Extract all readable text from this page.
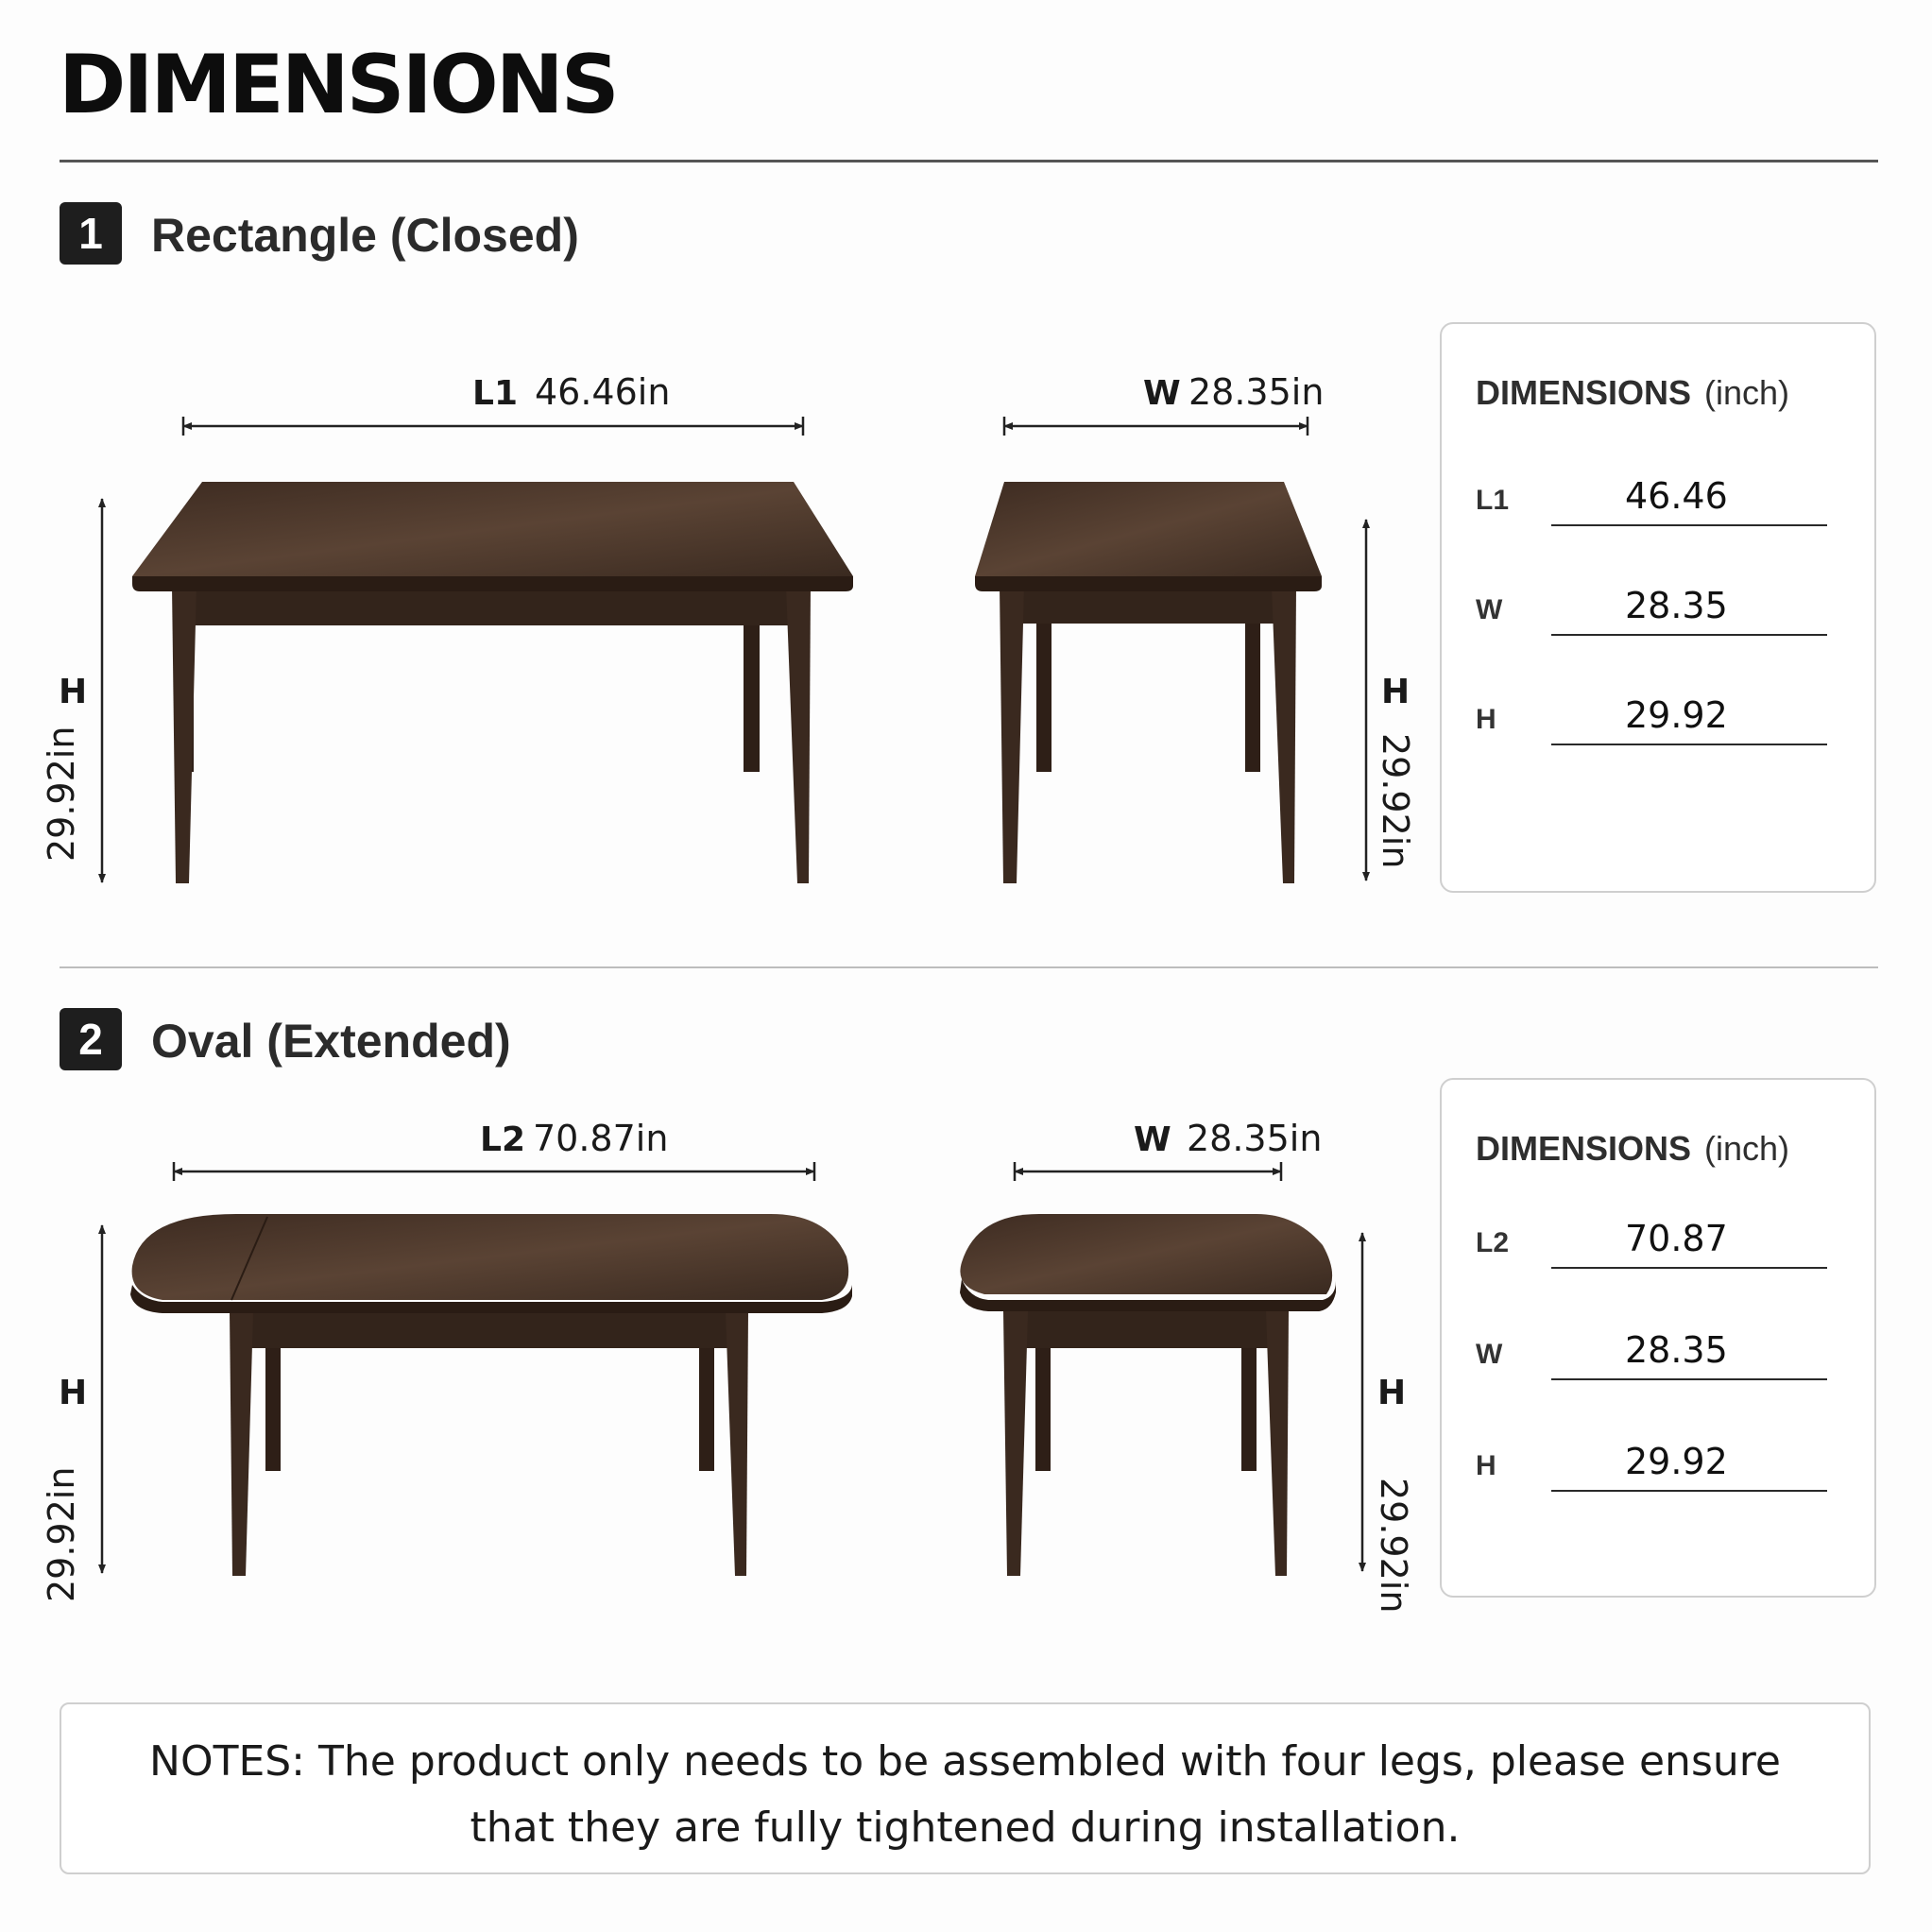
DIMENSIONS
1	Rectangle (Closed)
2	Oval (Extended)
L1 46.46in
H
29.92in
W 28.35in
H
29.92in
L2 70.87in
H
29.92in
W 28.35in
H
29.92in
DIMENSIONS (inch)
L1	46.46
W	28.35
H	29.92
DIMENSIONS (inch)
L2	70.87
W	28.35
H	29.92
NOTES: The product only needs to be assembled with four legs, please ensure that they are fully tightened during installation.
